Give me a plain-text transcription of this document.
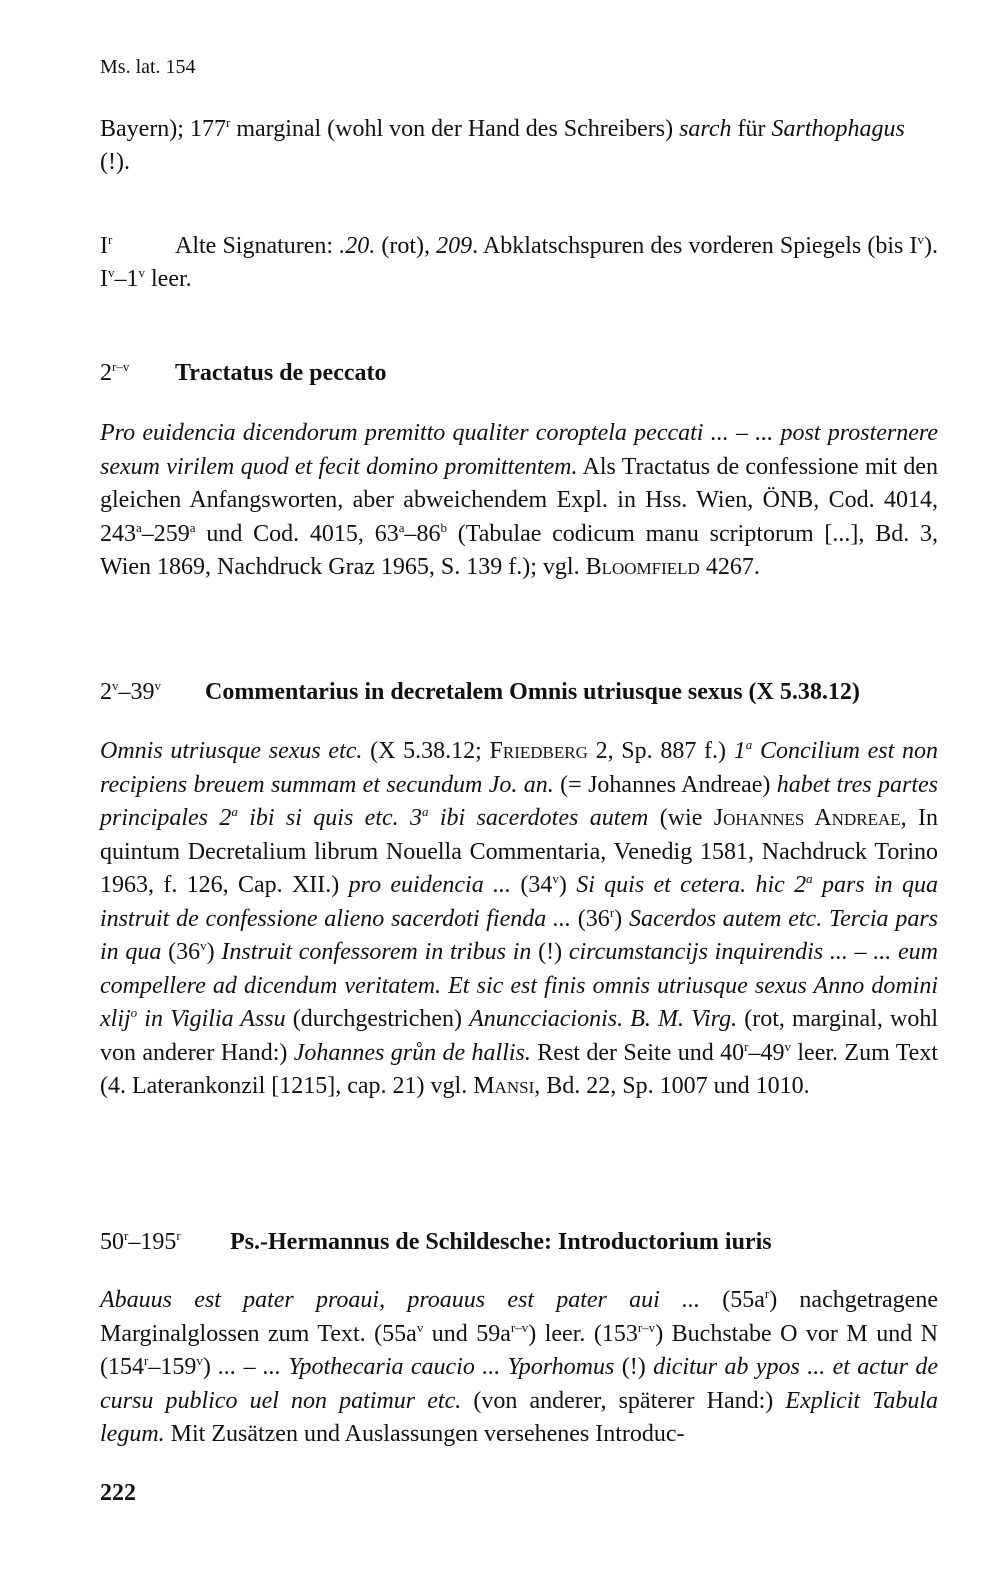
Ms. lat. 154
Bayern); 177$^r$ marginal (wohl von der Hand des Schreibers) sarch für Sarthophagus
(!).
$I^r$	Alte Signaturen: .20. (rot), 209. Abklatschspuren des vorderen Spiegels (bis $I^v$). $I^v-1^v$ leer.
2$^{r-v}$	Tractatus de peccato
Pro euidencia dicendorum premitto qualiter coroptela peccati ... – ... post prosternere sexum virilem quod et fecit domino promittentem. Als Tractatus de confessione mit den gleichen Anfangsworten, aber abweichendem Expl. in Hss. Wien, ÖNB, Cod. 4014, 243$^a$–259$^a$ und Cod. 4015, 63$^a$–86$^b$ (Tabulae codicum manu scriptorum [...], Bd. 3, Wien 1869, Nachdruck Graz 1965, S. 139 f.); vgl. Bloomfield 4267.
2$^v$–39$^v$	Commentarius in decretalem Omnis utriusque sexus (X 5.38.12)
Omnis utriusque sexus etc. (X 5.38.12; Friedberg 2, Sp. 887 f.) 1$^a$ Concilium est non recipiens breuem summam et secundum Jo. an. (= Johannes Andreae) habet tres partes principales 2$^a$ ibi si quis etc. 3$^a$ ibi sacerdotes autem (wie Johannes Andreae, In quintum Decretalium librum Nouella Commentaria, Venedig 1581, Nachdruck Torino 1963, f. 126, Cap. XII.) pro euidencia ... (34$^v$) Si quis et cetera. hic 2$^a$ pars in qua instruit de confessione alieno sacerdoti fienda ... (36$^r$) Sacerdos autem etc. Tercia pars in qua (36$^v$) Instruit confessorem in tribus in (!) circumstancijs inquirendis ... – ... eum compellere ad dicendum veritatem. Et sic est finis omnis utriusque sexus Anno domini xlij$^o$ in Vigilia Assu (durchgestrichen) Anuncciacionis. B. M. Virg. (rot, marginal, wohl von anderer Hand:) Johannes grůn de hallis. Rest der Seite und 40$^r$–49$^v$ leer. Zum Text (4. Laterankonzil [1215], cap. 21) vgl. Mansi, Bd. 22, Sp. 1007 und 1010.
50$^r$–195$^r$	Ps.-Hermannus de Schildesche: Introductorium iuris
Abauus est pater proaui, proauus est pater aui ... $(55a^r)$ nachgetragene Marginalglossen zum Text. ($55a^v$ und $59a^{r-v}$) leer. (153$^{r-v}$) Buchstabe O vor M und N (154$^r$–159$^v$) ... – ... Ypothecaria caucio ... Yporhomus (!) dicitur ab ypos ... et actur de cursu publico uel non patimur etc. (von anderer, späterer Hand:) Explicit Tabula legum. Mit Zusätzen und Auslassungen versehenes Introduc-
222
